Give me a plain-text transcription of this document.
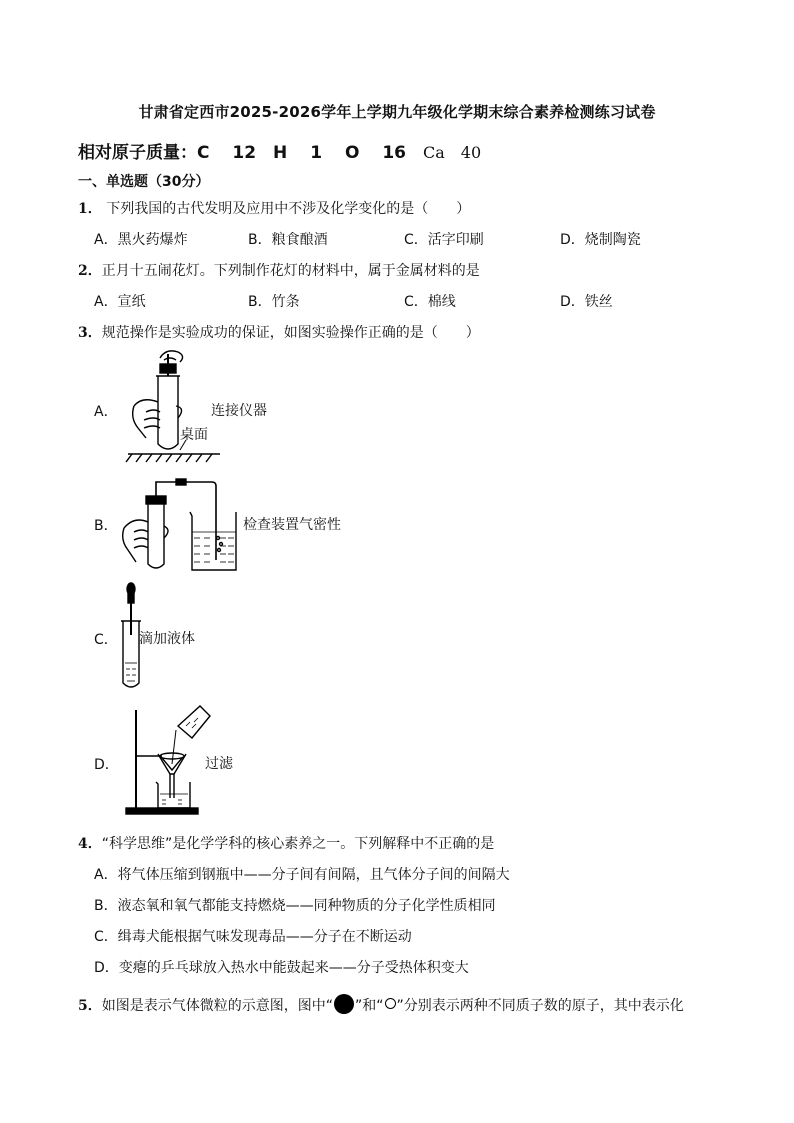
甘肃省定西市2025-2026学年上学期九年级化学期末综合素养检测练习试卷
相对原子质量：C　 12　H　 1　 O　 16　Ca　40
一、单选题（30分）
1． 下列我国的古代发明及应用中不涉及化学变化的是（　　）
A．黑火药爆炸	B．粮食酿酒	C．活字印刷	D．烧制陶瓷
2．正月十五闹花灯。下列制作花灯的材料中，属于金属材料的是
A．宣纸	B．竹条	C．棉线	D．铁丝
3．规范操作是实验成功的保证，如图实验操作正确的是（　　）
A．	连接仪器
桌面
B．	检查装置气密性
C． 滴加液体
D．	过滤
4．“科学思维”是化学学科的核心素养之一。下列解释中不正确的是
A．将气体压缩到钢瓶中——分子间有间隔，且气体分子间的间隔大
B．液态氧和氧气都能支持燃烧——同种物质的分子化学性质相同
C．缉毒犬能根据气味发现毒品——分子在不断运动
D．变瘪的乒乓球放入热水中能鼓起来——分子受热体积变大
5．如图是表示气体微粒的示意图，图中“ ”和“ ”分别表示两种不同质子数的原子，其中表示化
